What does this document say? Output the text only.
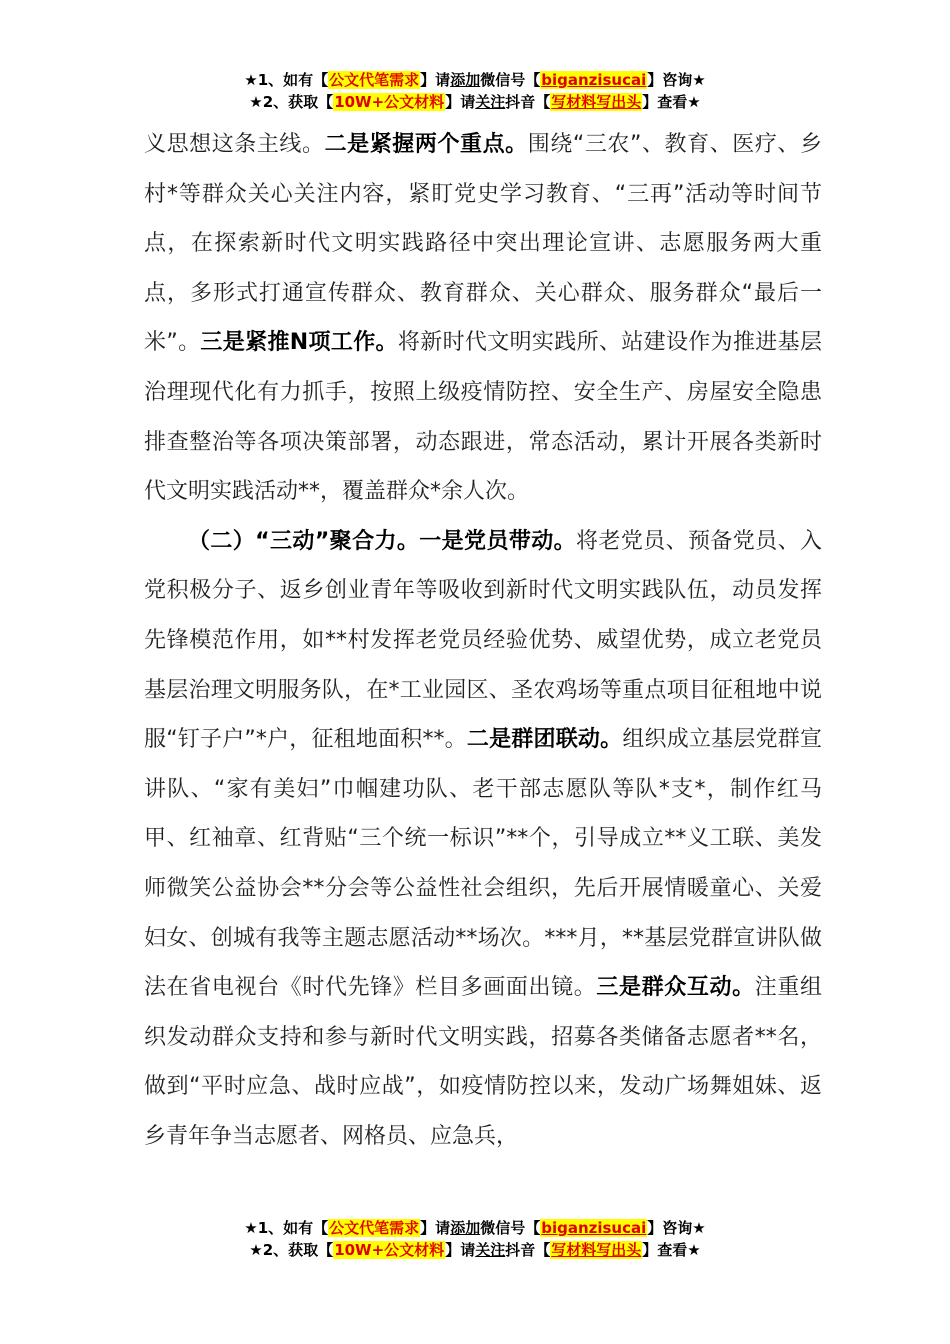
★1、如有【公文代笔需求】请添加微信号【biganzisucai】咨询★
★2、获取【10W+公文材料】请关注抖音【写材料写出头】查看★

义思想这条主线。二是紧握两个重点。围绕“三农”、教育、医疗、乡村*等群众关心关注内容，紧盯党史学习教育、“三再”活动等时间节点，在探索新时代文明实践路径中突出理论宣讲、志愿服务两大重点，多形式打通宣传群众、教育群众、关心群众、服务群众“最后一米”。三是紧推N项工作。将新时代文明实践所、站建设作为推进基层治理现代化有力抓手，按照上级疫情防控、安全生产、房屋安全隐患排查整治等各项决策部署，动态跟进，常态活动，累计开展各类新时代文明实践活动**，覆盖群众*余人次。

（二）“三动”聚合力。一是党员带动。将老党员、预备党员、入党积极分子、返乡创业青年等吸收到新时代文明实践队伍，动员发挥先锋模范作用，如**村发挥老党员经验优势、威望优势，成立老党员基层治理文明服务队，在*工业园区、圣农鸡场等重点项目征租地中说服“钉子户”*户，征租地面积**。二是群团联动。组织成立基层党群宣讲队、“家有美妇”巾帼建功队、老干部志愿队等队*支*，制作红马甲、红袖章、红背贴“三个统一标识”**个，引导成立**义工联、美发师微笑公益协会**分会等公益性社会组织，先后开展情暖童心、关爱妇女、创城有我等主题志愿活动**场次。***月，**基层党群宣讲队做法在省电视台《时代先锋》栏目多画面出镜。三是群众互动。注重组织发动群众支持和参与新时代文明实践，招募各类储备志愿者**名，做到“平时应急、战时应战”，如疫情防控以来，发动广场舞姐妹、返乡青年争当志愿者、网格员、应急兵，

★1、如有【公文代笔需求】请添加微信号【biganzisucai】咨询★
★2、获取【10W+公文材料】请关注抖音【写材料写出头】查看★
